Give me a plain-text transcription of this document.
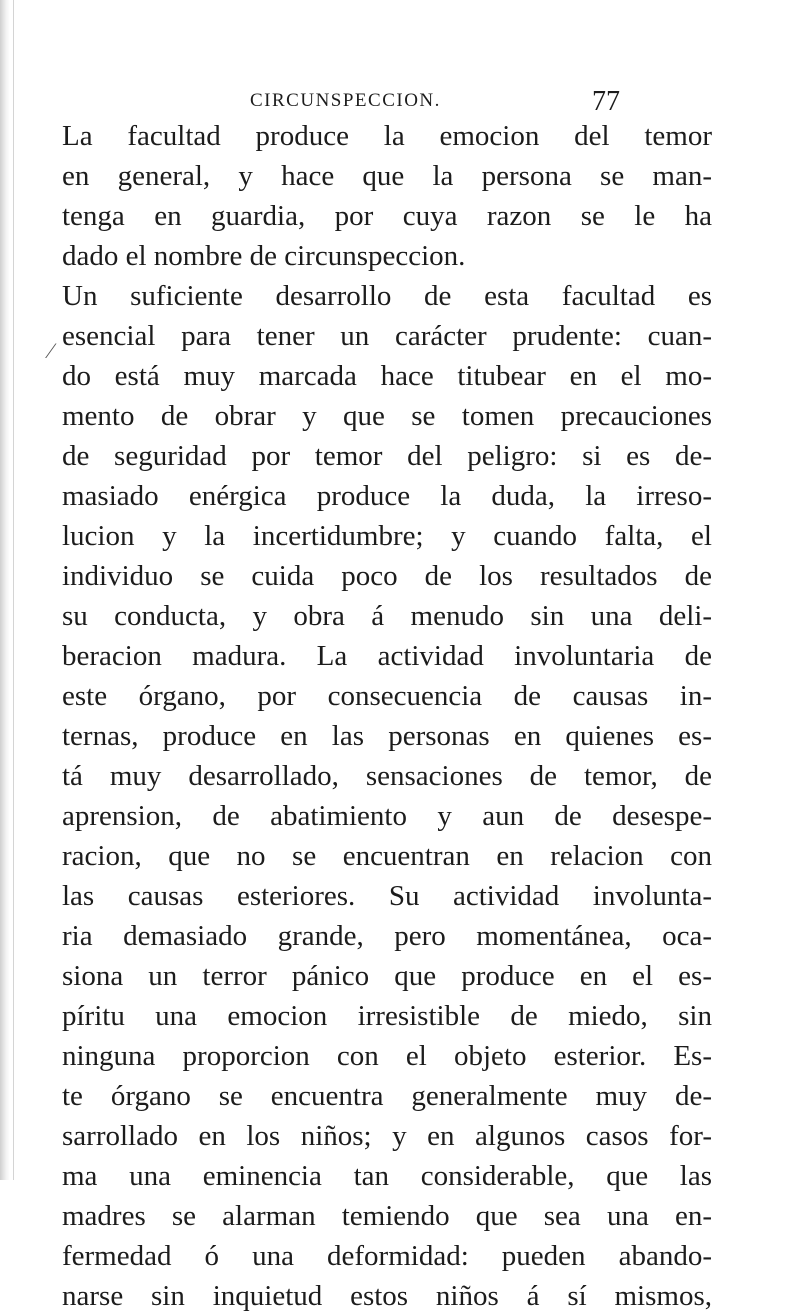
CIRCUNSPECCION.	77
⁄
La facultad produce la emocion del temor
en general, y hace que la persona se man-
tenga en guardia, por cuya razon se le ha
dado el nombre de circunspeccion.
Un suficiente desarrollo de esta facultad es
esencial para tener un carácter prudente: cuan-
do está muy marcada hace titubear en el mo-
mento de obrar y que se tomen precauciones
de seguridad por temor del peligro: si es de-
masiado enérgica produce la duda, la irreso-
lucion y la incertidumbre; y cuando falta, el
individuo se cuida poco de los resultados de
su conducta, y obra á menudo sin una deli-
beracion madura. La actividad involuntaria de
este órgano, por consecuencia de causas in-
ternas, produce en las personas en quienes es-
tá muy desarrollado, sensaciones de temor, de
aprension, de abatimiento y aun de desespe-
racion, que no se encuentran en relacion con
las causas esteriores. Su actividad involunta-
ria demasiado grande, pero momentánea, oca-
siona un terror pánico que produce en el es-
píritu una emocion irresistible de miedo, sin
ninguna proporcion con el objeto esterior. Es-
te órgano se encuentra generalmente muy de-
sarrollado en los niños; y en algunos casos for-
ma una eminencia tan considerable, que las
madres se alarman temiendo que sea una en-
fermedad ó una deformidad: pueden abando-
narse sin inquietud estos niños á sí mismos,
